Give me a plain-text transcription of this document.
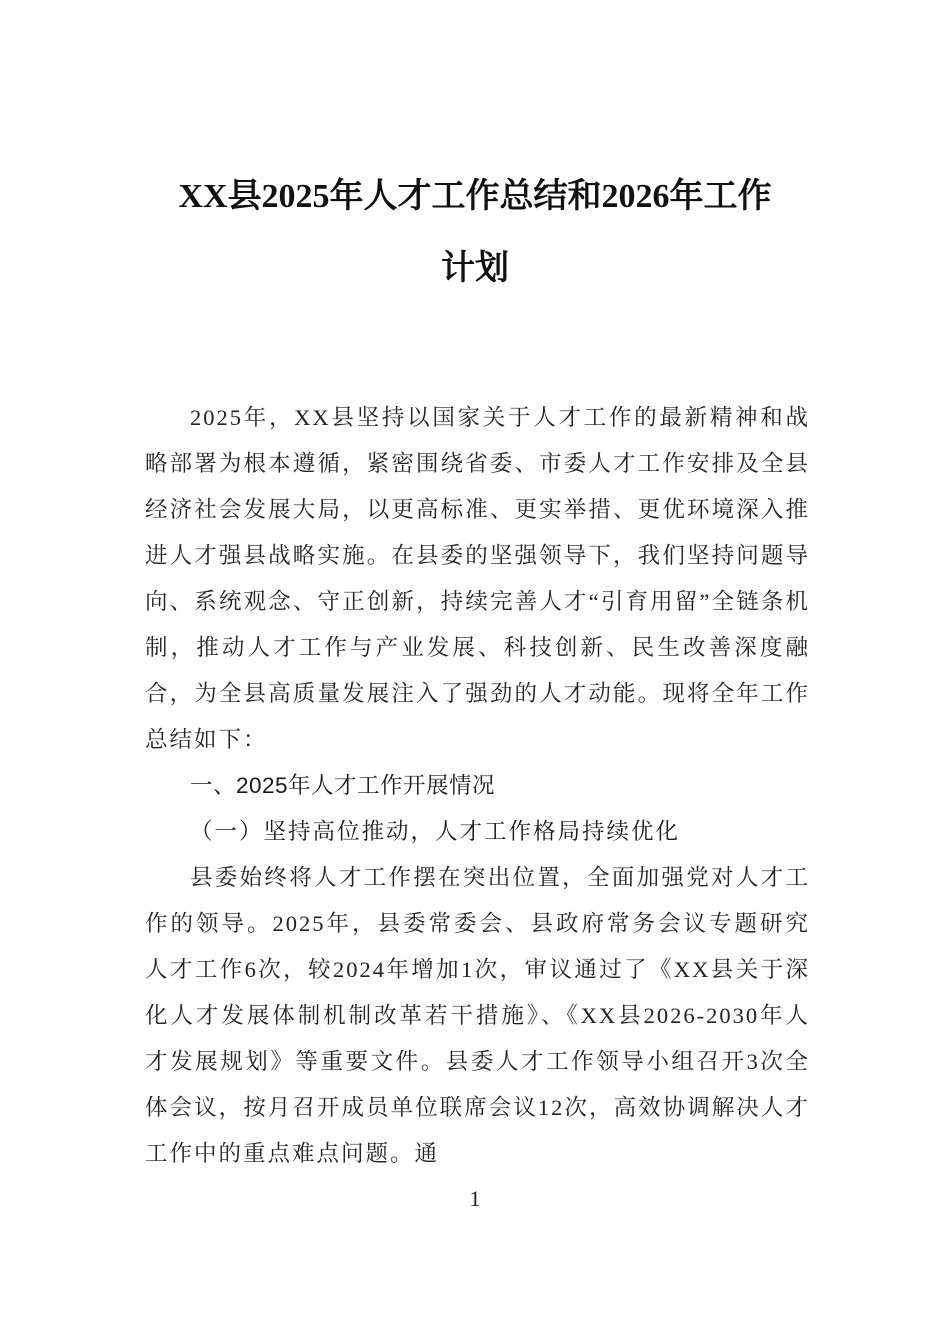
XX县2025年人才工作总结和2026年工作
计划

2025年，XX县坚持以国家关于人才工作的最新精神和战略部署为根本遵循，紧密围绕省委、市委人才工作安排及全县经济社会发展大局，以更高标准、更实举措、更优环境深入推进人才强县战略实施。在县委的坚强领导下，我们坚持问题导向、系统观念、守正创新，持续完善人才“引育用留”全链条机制，推动人才工作与产业发展、科技创新、民生改善深度融合，为全县高质量发展注入了强劲的人才动能。现将全年工作总结如下：

一、2025年人才工作开展情况

（一）坚持高位推动，人才工作格局持续优化

县委始终将人才工作摆在突出位置，全面加强党对人才工作的领导。2025年，县委常委会、县政府常务会议专题研究人才工作6次，较2024年增加1次，审议通过了《XX县关于深化人才发展体制机制改革若干措施》、《XX县2026-2030年人才发展规划》等重要文件。县委人才工作领导小组召开3次全体会议，按月召开成员单位联席会议12次，高效协调解决人才工作中的重点难点问题。通

1
